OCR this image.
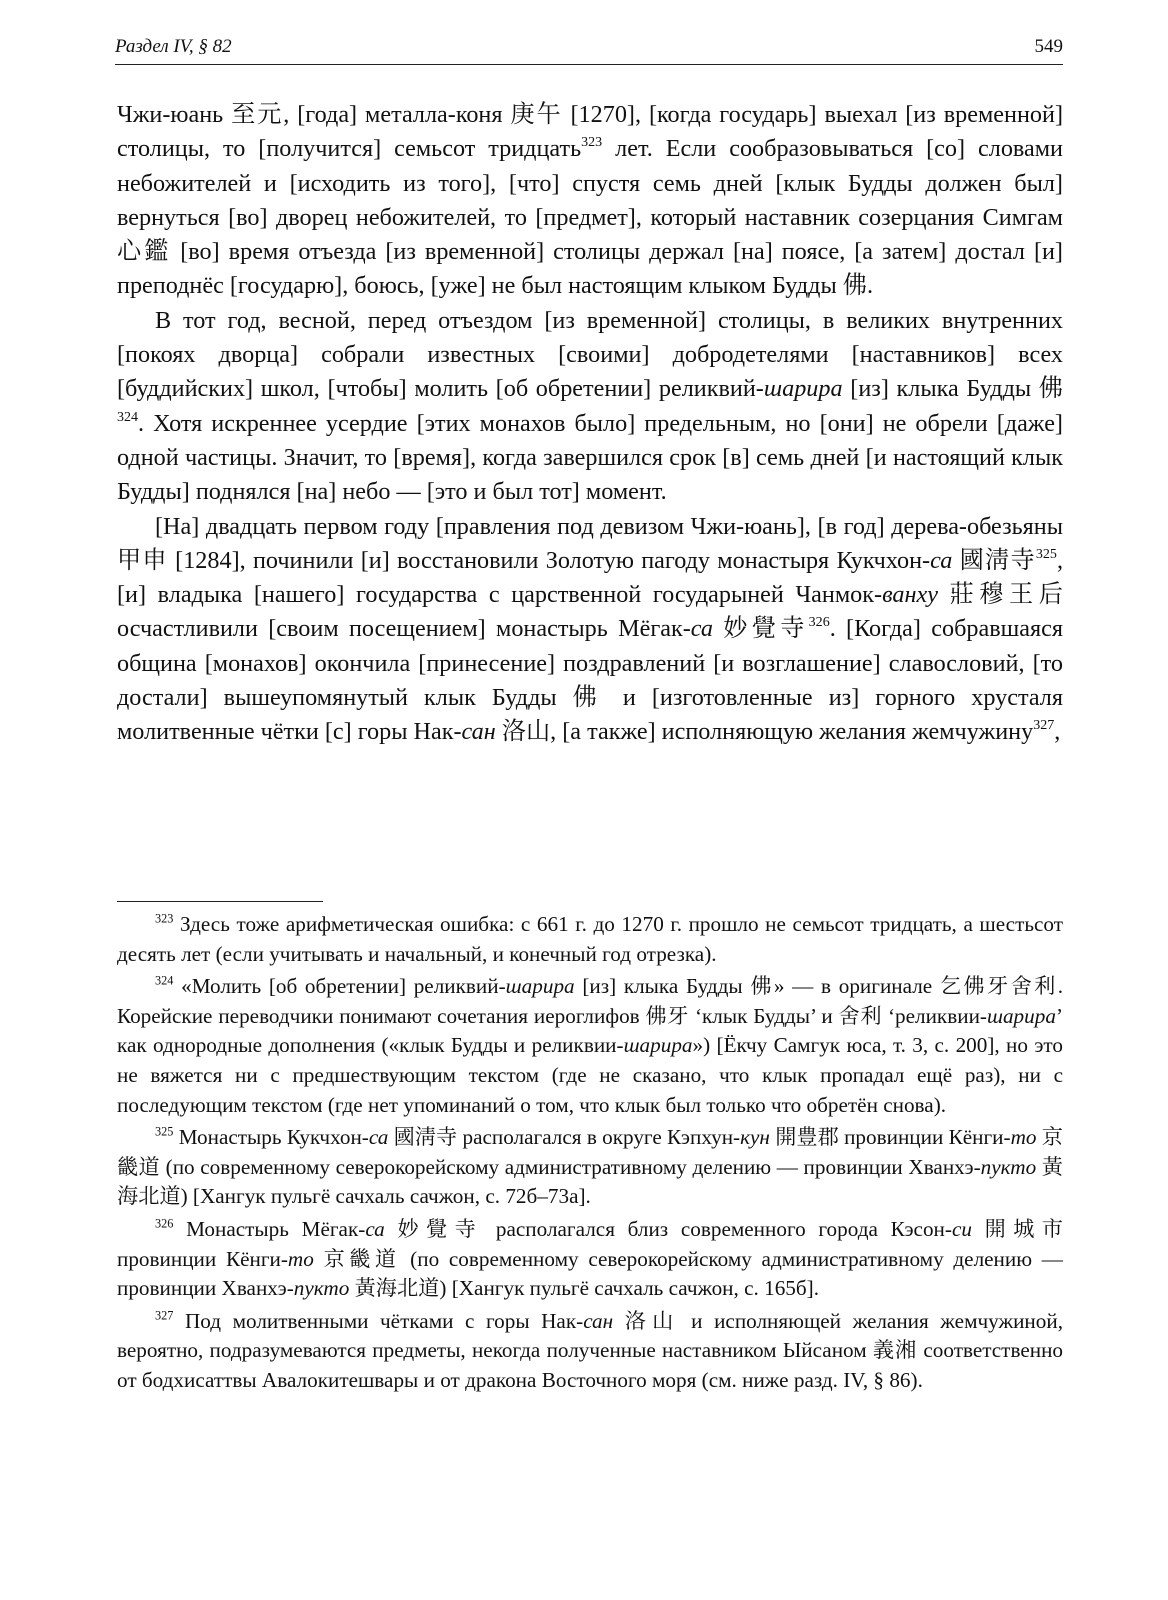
Раздел IV, § 82	549

Чжи-юань 至元, [года] металла-коня 庚午 [1270], [когда государь] выехал [из временной] столицы, то [получится] семьсот тридцать$^{323}$ лет. Если сообразовываться [со] словами небожителей и [исходить из того], [что] спустя семь дней [клык Будды должен был] вернуться [во] дворец небожителей, то [предмет], который наставник созерцания Симгам 心鑑 [во] время отъезда [из временной] столицы держал [на] поясе, [а затем] достал [и] преподнёс [государю], боюсь, [уже] не был настоящим клыком Будды 佛.

В тот год, весной, перед отъездом [из временной] столицы, в великих внутренних [покоях дворца] собрали известных [своими] добродетелями [наставников] всех [буддийских] школ, [чтобы] молить [об обретении] реликвий-шарира [из] клыка Будды 佛$^{324}$. Хотя искреннее усердие [этих монахов было] предельным, но [они] не обрели [даже] одной частицы. Значит, то [время], когда завершился срок [в] семь дней [и настоящий клык Будды] поднялся [на] небо — [это и был тот] момент.

[На] двадцать первом году [правления под девизом Чжи-юань], [в год] дерева-обезьяны 甲申 [1284], починили [и] восстановили Золотую пагоду монастыря Кукчхон-са 國淸寺$^{325}$, [и] владыка [нашего] государства с царственной государыней Чанмок-ванху 莊穆王后 осчастливили [своим посещением] монастырь Мёгак-са 妙覺寺$^{326}$. [Когда] собравшаяся община [монахов] окончила [принесение] поздравлений [и возглашение] славословий, [то достали] вышеупомянутый клык Будды 佛 и [изготовленные из] горного хрусталя молитвенные чётки [с] горы Нак-сан 洛山, [а также] исполняющую желания жемчужину$^{327}$,

$^{323}$ Здесь тоже арифметическая ошибка: с 661 г. до 1270 г. прошло не семьсот тридцать, а шестьсот десять лет (если учитывать и начальный, и конечный год отрезка).

$^{324}$ «Молить [об обретении] реликвий-шарира [из] клыка Будды 佛» — в оригинале 乞佛牙舍利. Корейские переводчики понимают сочетания иероглифов 佛牙 ‘клык Будды’ и 舍利 ‘реликвии-шарира’ как однородные дополнения («клык Будды и реликвии-шарира») [Ёкчу Самгук юса, т. 3, с. 200], но это не вяжется ни с предшествующим текстом (где не сказано, что клык пропадал ещё раз), ни с последующим текстом (где нет упоминаний о том, что клык был только что обретён снова).

$^{325}$ Монастырь Кукчхон-са 國淸寺 располагался в округе Кэпхун-кун 開豊郡 провинции Кёнги-то 京畿道 (по современному северокорейскому административному делению — провинции Хванхэ-пукто 黃海北道) [Хангук пульгё сачхаль сачжон, с. 72б–73а].

$^{326}$ Монастырь Мёгак-са 妙覺寺 располагался близ современного города Кэсон-си 開城市 провинции Кёнги-то 京畿道 (по современному северокорейскому административному делению — провинции Хванхэ-пукто 黃海北道) [Хангук пульгё сачхаль сачжон, с. 165б].

$^{327}$ Под молитвенными чётками с горы Нак-сан 洛山 и исполняющей желания жемчужиной, вероятно, подразумеваются предметы, некогда полученные наставником Ыйсаном 義湘 соответственно от бодхисаттвы Авалокитешвары и от дракона Восточного моря (см. ниже разд. IV, § 86).
